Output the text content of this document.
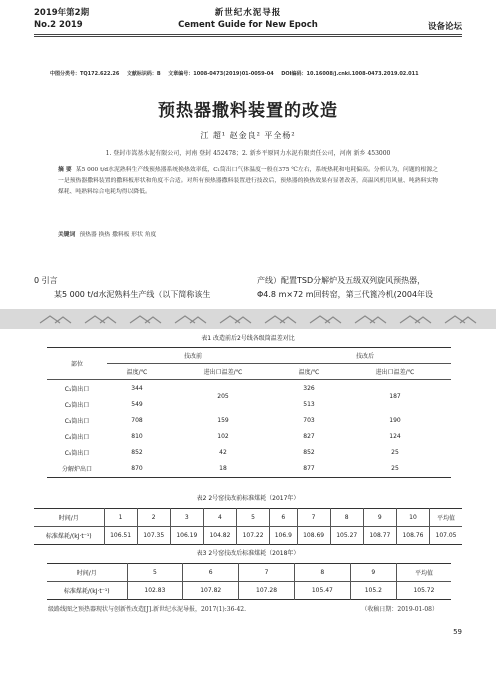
2019年第2期
No.2 2019
新世纪水泥导报
Cement Guide for New Epoch	设备论坛
中图分类号：TQ172.622.26 文献标识码：B 文章编号：1008-0473(2019)01-0059-04 DOI编码：10.16008/j.cnki.1008-0473.2019.02.011
预热器撒料装置的改造
江 超¹ 赵金良² 平全杨²
1. 登封市嵩基水泥有限公司，河南 登封 452478；2. 新乡平原同力水泥有限责任公司，河南 新乡 453000
摘 要 某5 000 t/d水泥熟料生产线预热器系统换热效率低，C₁筒出口气体温度一般在375 ℃左右，系统热耗和电耗偏高。分析认为，问题的根源之一是预热器撒料装置的撒料板形状和角度不合适。对所有预热器撒料装置进行技改后，预热器的换热效果有显著改善，高温风机用风量、吨熟料实物煤耗、吨熟料综合电耗均得以降低。
关键词 预热器 换热 撒料板 形状 角度
0 引言
某5 000 t/d水泥熟料生产线（以下简称该生
产线）配置TSD分解炉及五级双列旋风预热器，
Φ4.8 m×72 m回转窑，第三代篦冷机(2004年设
表1 改造前后2号线各级筒温差对比
部位	技改前		技改后	
	温度/℃	进出口温差/℃	温度/℃	进出口温差/℃
C₁筒出口	344	205	326	187
C₂筒出口	549		513	
C₃筒出口	708	159	703	190
C₄筒出口	810	102	827	124
C₅筒出口	852	42	852	25
分解炉出口	870	18	877	25
表2 2号窑技改前标准煤耗（2017年）
时间/月	1	2	3	4	5	6	7	8	9	10	平均值
标准煤耗/(kJ·t⁻¹)	106.51	107.35	106.19	104.82	107.22	106.9	108.69	105.27	108.77	108.76	107.05
表3 2号窑技改后标准煤耗（2018年）
时间/月	5	6	7	8	9	平均值
标准煤耗/(kJ·t⁻¹)	102.83	107.82	107.28	105.47	105.2	105.72
级路线图之预热器现状与创新性改造[J].新世纪水泥导报，2017(1):36-42.	（收稿日期：2019-01-08）
59
